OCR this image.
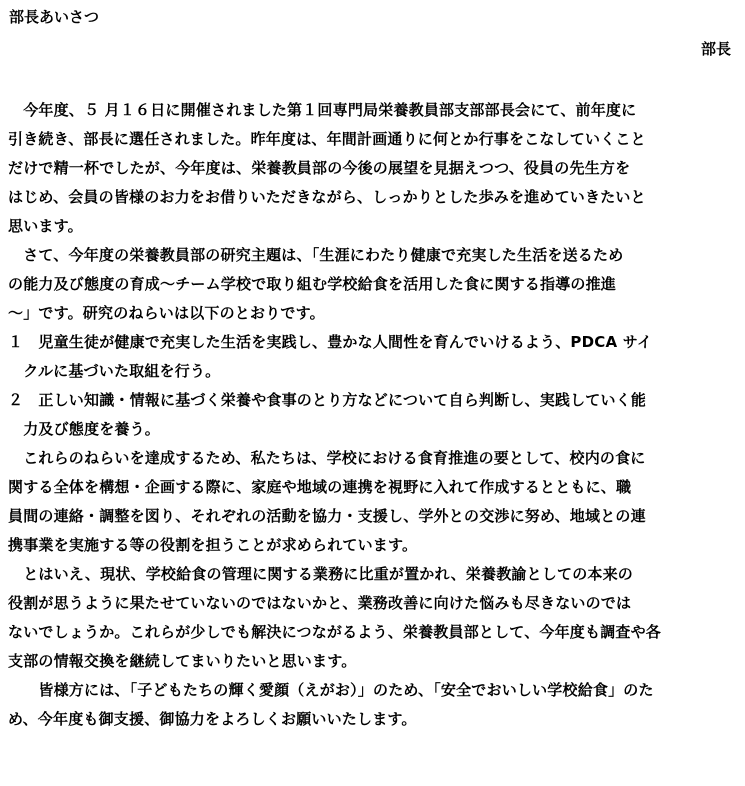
部長あいさつ
部長
　今年度、５ 月１６日に開催されました第１回専門局栄養教員部支部部長会にて、前年度に
引き続き、部長に選任されました。昨年度は、年間計画通りに何とか行事をこなしていくこと
だけで精一杯でしたが、今年度は、栄養教員部の今後の展望を見据えつつ、役員の先生方を
はじめ、会員の皆様のお力をお借りいただきながら、しっかりとした歩みを進めていきたいと
思います。
　さて、今年度の栄養教員部の研究主題は、「生涯にわたり健康で充実した生活を送るため
の能力及び態度の育成～チーム学校で取り組む学校給食を活用した食に関する指導の推進
～」です。研究のねらいは以下のとおりです。
１　児童生徒が健康で充実した生活を実践し、豊かな人間性を育んでいけるよう、PDCA サイ
　クルに基づいた取組を行う。
２　正しい知識・情報に基づく栄養や食事のとり方などについて自ら判断し、実践していく能
　力及び態度を養う。
　これらのねらいを達成するため、私たちは、学校における食育推進の要として、校内の食に
関する全体を構想・企画する際に、家庭や地域の連携を視野に入れて作成するとともに、職
員間の連絡・調整を図り、それぞれの活動を協力・支援し、学外との交渉に努め、地域との連
携事業を実施する等の役割を担うことが求められています。
　とはいえ、現状、学校給食の管理に関する業務に比重が置かれ、栄養教諭としての本来の
役割が思うように果たせていないのではないかと、業務改善に向けた悩みも尽きないのでは
ないでしょうか。これらが少しでも解決につながるよう、栄養教員部として、今年度も調査や各
支部の情報交換を継続してまいりたいと思います。
　　皆様方には、「子どもたちの輝く愛顔（えがお）」のため、「安全でおいしい学校給食」のた
め、今年度も御支援、御協力をよろしくお願いいたします。
